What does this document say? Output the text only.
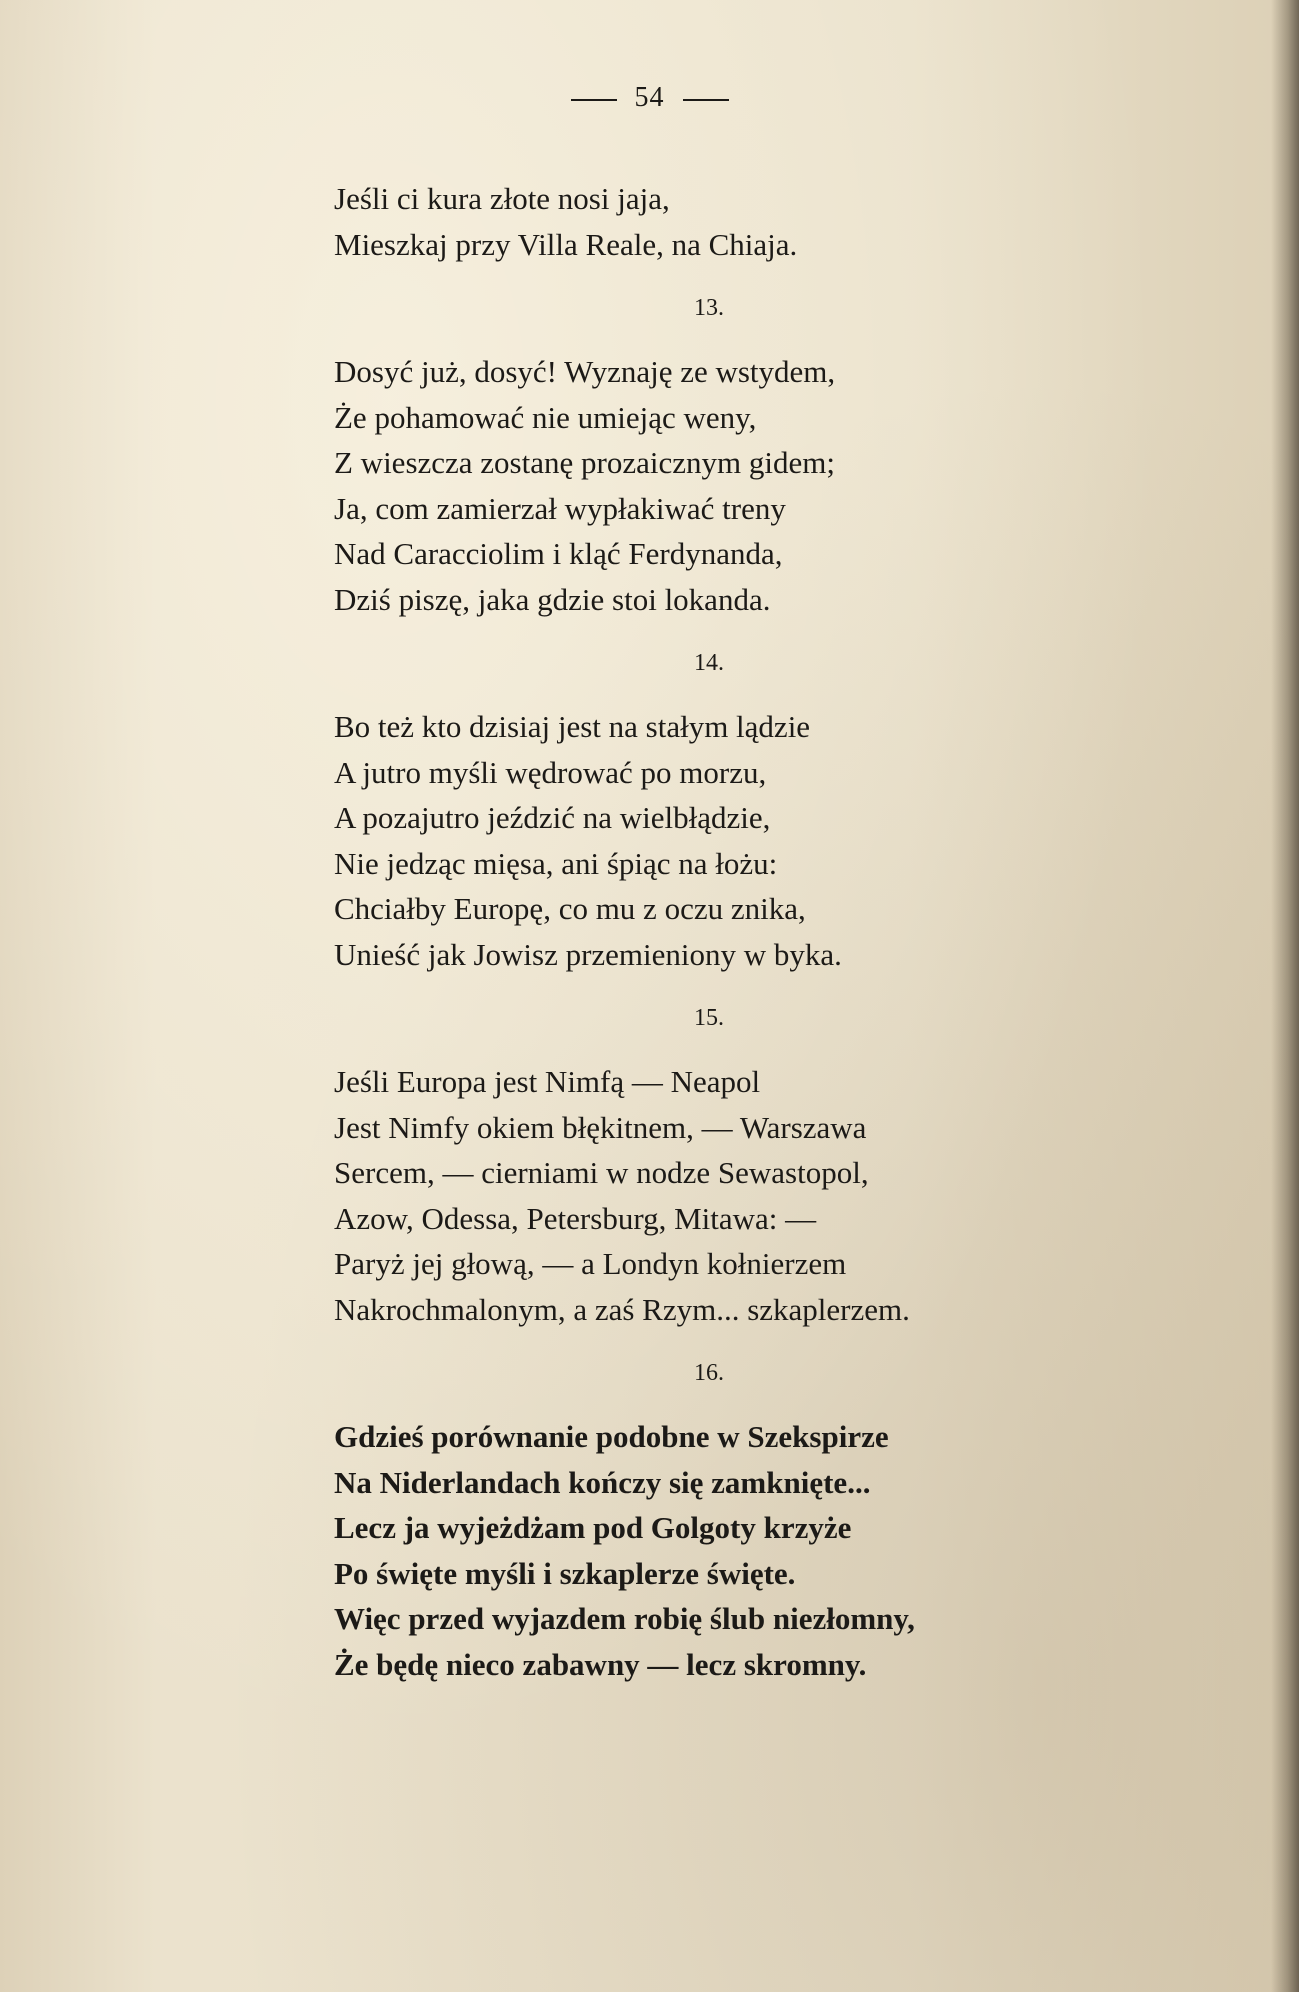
54
Jeśli ci kura złote nosi jaja,
Mieszkaj przy Villa Reale, na Chiaja.
13.
Dosyć już, dosyć! Wyznaję ze wstydem,
Że pohamować nie umiejąc weny,
Z wieszcza zostanę prozaicznym gidem;
Ja, com zamierzał wypłakiwać treny
Nad Caracciolim i kląć Ferdynanda,
Dziś piszę, jaka gdzie stoi lokanda.
14.
Bo też kto dzisiaj jest na stałym lądzie
A jutro myśli wędrować po morzu,
A pozajutro jeździć na wielbłądzie,
Nie jedząc mięsa, ani śpiąc na łożu:
Chciałby Europę, co mu z oczu znika,
Unieść jak Jowisz przemieniony w byka.
15.
Jeśli Europa jest Nimfą — Neapol
Jest Nimfy okiem błękitnem, — Warszawa
Sercem, — cierniami w nodze Sewastopol,
Azow, Odessa, Petersburg, Mitawa: —
Paryż jej głową, — a Londyn kołnierzem
Nakrochmalonym, a zaś Rzym... szkaplerzem.
16.
Gdzieś porównanie podobne w Szekspirze
Na Niderlandach kończy się zamknięte...
Lecz ja wyjeżdżam pod Golgoty krzyże
Po święte myśli i szkaplerze święte.
Więc przed wyjazdem robię ślub niezłomny,
Że będę nieco zabawny — lecz skromny.
